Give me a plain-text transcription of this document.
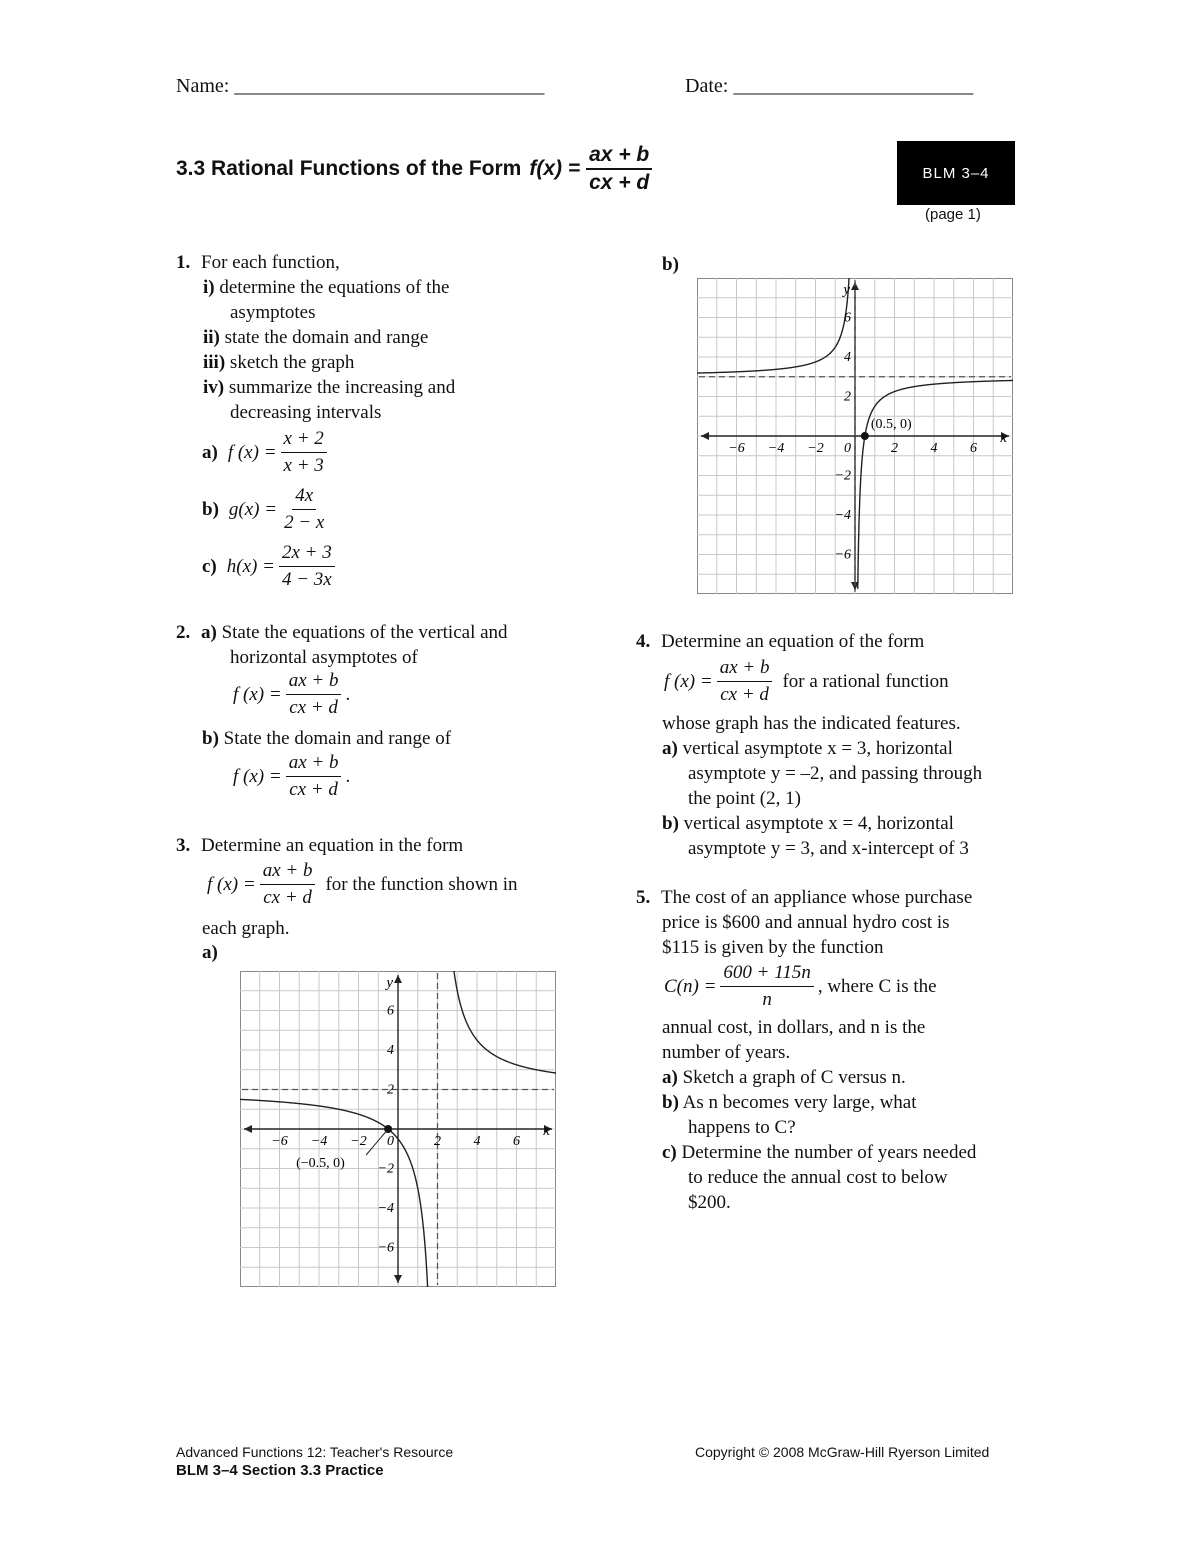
Name: _______________________________	Date: ________________________
3.3 Rational Functions of the Form $f(x) = \frac{ax + b}{cx + d}$	BLM 3–4
(page 1)
1. For each function,
i) determine the equations of the
asymptotes
ii) state the domain and range
iii) sketch the graph
iv) summarize the increasing and
decreasing intervals
a) f $(x) = \frac{x + 2}{x + 3}$
b) $g(x) = \frac{4x}{2 - x}$
c) $h(x) = \frac{2x + 3}{4 - 3x}$
2. a) State the equations of the vertical and
horizontal asymptotes of
f $(x) = \frac{ax + b}{cx + d}$ .
b) State the domain and range of
f $(x) = \frac{ax + b}{cx + d}$ .
3. Determine an equation in the form
f $(x) = \frac{ax + b}{cx + d}$ for the function shown in
each graph.
a)
b)
−6 −4 −2	2 4 6
6
4
2
−2
−4
−6
0
x
y
(−0.5, 0)
−6 −4 −2	2 4 6
6
4
2
−2
−4
−6
0
x
y
(0.5, 0)
4. Determine an equation of the form
f $(x) = \frac{ax + b}{cx + d}$ for a rational function
whose graph has the indicated features.
a) vertical asymptote x = 3, horizontal
asymptote y = –2, and passing through
the point (2, 1)
b) vertical asymptote x = 4, horizontal
asymptote y = 3, and x-intercept of 3
5. The cost of an appliance whose purchase
price is $600 and annual hydro cost is
$115 is given by the function
$C(n) = \frac{600 + 115n}{n}$ , where C is the
annual cost, in dollars, and n is the
number of years.
a) Sketch a graph of C versus n.
b) As n becomes very large, what
happens to C?
c) Determine the number of years needed
to reduce the annual cost to below
$200.
Advanced Functions 12: Teacher's Resource
BLM 3–4 Section 3.3 Practice
Copyright © 2008 McGraw-Hill Ryerson Limited
